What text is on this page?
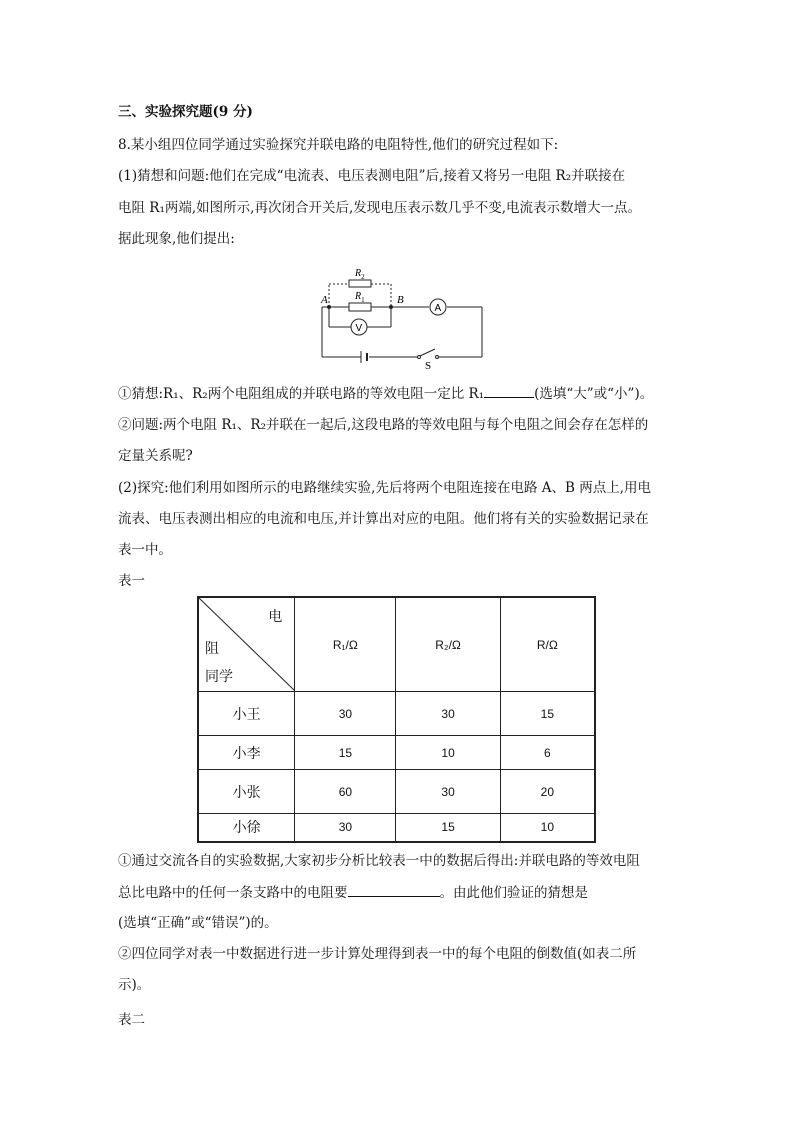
三、实验探究题(9 分)
8.某小组四位同学通过实验探究并联电路的电阻特性,他们的研究过程如下:
(1)猜想和问题:他们在完成“电流表、电压表测电阻”后,接着又将另一电阻 R₂并联接在
电阻 R₁两端,如图所示,再次闭合开关后,发现电压表示数几乎不变,电流表示数增大一点。
据此现象,他们提出:
$R_2$
$R_1$
A	B
A
V
S
①猜想:R₁、R₂两个电阻组成的并联电路的等效电阻一定比 R₁	(选填“大”或“小”)。
②问题:两个电阻 R₁、R₂并联在一起后,这段电路的等效电阻与每个电阻之间会存在怎样的
定量关系呢?
(2)探究:他们利用如图所示的电路继续实验,先后将两个电阻连接在电路 A、B 两点上,用电
流表、电压表测出相应的电流和电压,并计算出对应的电阻。他们将有关的实验数据记录在
表一中。
表一
电
阻
同学	R₁/Ω	R₂/Ω	R/Ω
小王	30	30	15
小李	15	10	6
小张	60	30	20
小徐	30	15	10
①通过交流各自的实验数据,大家初步分析比较表一中的数据后得出:并联电路的等效电阻
总比电路中的任何一条支路中的电阻要	。由此他们验证的猜想是
(选填“正确”或“错误”)的。
②四位同学对表一中数据进行进一步计算处理得到表一中的每个电阻的倒数值(如表二所
示)。
表二
